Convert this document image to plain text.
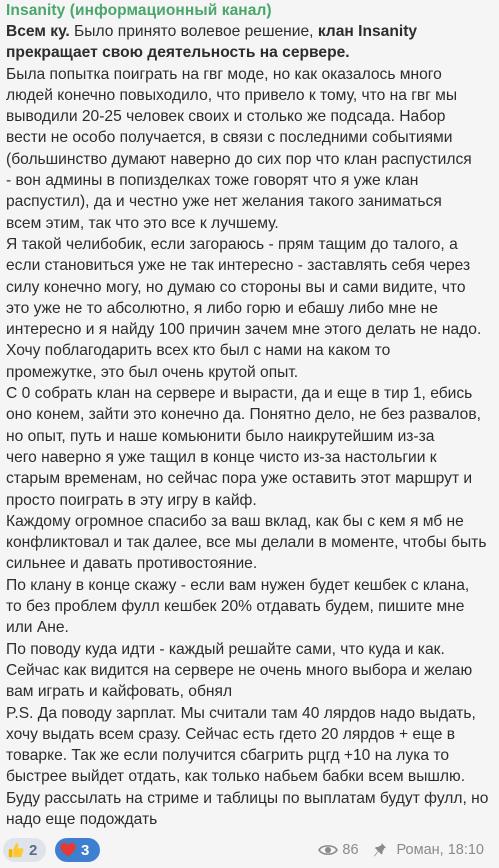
Insanity (информационный канал)

Всем ку. Было принято волевое решение, клан Insanity

прекращает свою деятельность на сервере.

Была попытка поиграть на гвг моде, но как оказалось много

людей конечно повыходило, что привело к тому, что на гвг мы

выводили 20-25 человек своих и столько же подсада. Набор

вести не особо получается, в связи с последними событиями

(большинство думают наверно до сих пор что клан распустился

- вон админы в попизделках тоже говорят что я уже клан

распустил), да и честно уже нет желания такого заниматься

всем этим, так что это все к лучшему.

Я такой челибобик, если загораюсь - прям тащим до талого, а

если становиться уже не так интересно - заставлять себя через

силу конечно могу, но думаю со стороны вы и сами видите, что

это уже не то абсолютно, я либо горю и ебашу либо мне не

интересно и я найду 100 причин зачем мне этого делать не надо.

Хочу поблагодарить всех кто был с нами на каком то

промежутке, это был очень крутой опыт.

С 0 собрать клан на сервере и вырасти, да и еще в тир 1, ебись

оно конем, зайти это конечно да. Понятно дело, не без развалов,

но опыт, путь и наше комьюнити было наикрутейшим из-за

чего наверно я уже тащил в конце чисто из-за настольгии к

старым временам, но сейчас пора уже оставить этот маршрут и

просто поиграть в эту игру в кайф.

Каждому огромное спасибо за ваш вклад, как бы с кем я мб не

конфликтовал и так далее, все мы делали в моменте, чтобы быть

сильнее и давать противостояние.

По клану в конце скажу - если вам нужен будет кешбек с клана,

то без проблем фулл кешбек 20% отдавать будем, пишите мне

или Ане.

По поводу куда идти - каждый решайте сами, что куда и как.

Сейчас как видится на сервере не очень много выбора и желаю

вам играть и кайфовать, обнял

P.S. Да поводу зарплат. Мы считали там 40 лярдов надо выдать,

хочу выдать всем сразу. Сейчас есть гдето 20 лярдов + еще в

товарке. Так же если получится сбагрить рцгд +10 на лука то

быстрее выйдет отдать, как только набьем бабки всем вышлю.

Буду рассылать на стриме и таблицы по выплатам будут фулл, но

надо еще подождать

2	3	86	Роман, 18:10
